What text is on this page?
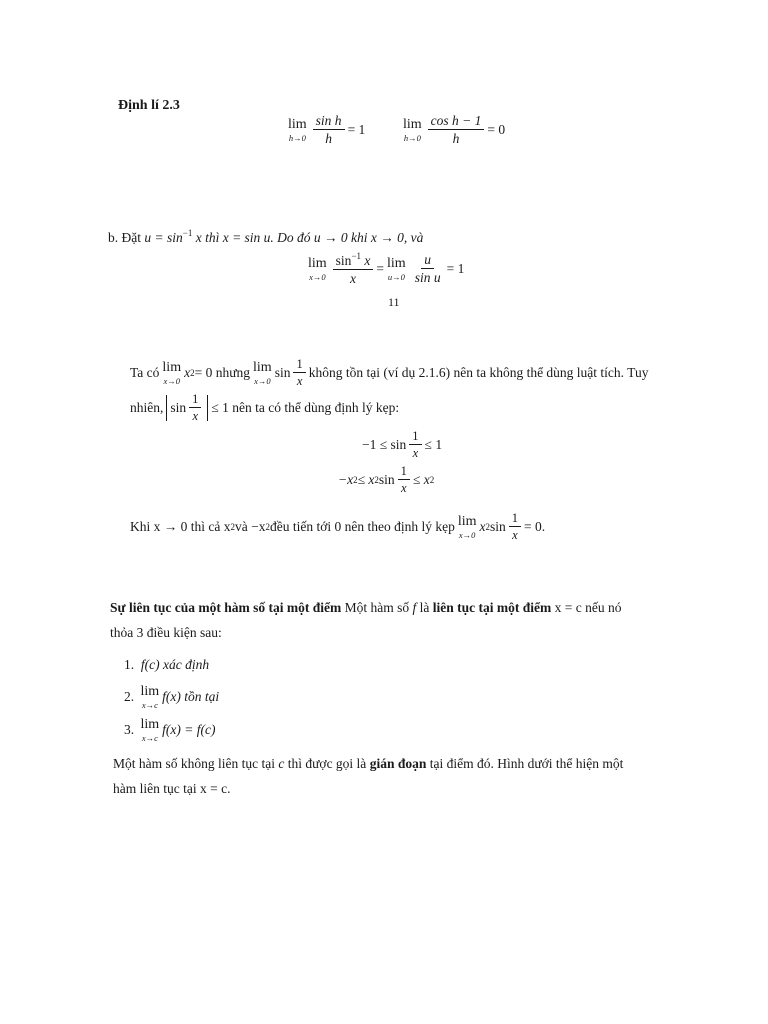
Định lí 2.3
lim
$h\to 0 \frac{\text{sin h}}{h} = 1$	lim
$h\to 0 \frac{\text{cos h − 1}}{h} = 0$
b. Đặt $u = \sin^{-1} x$ thì x = sin u. Do đó u → 0 khi x → 0, và
lim
$x\to 0 \frac{\sin^{-1} x}{x} = \lim$
$u\to 0 \frac{u}{\text{sin u}} = 1$
11
Ta có lim
x→0
x 2 = 0 nhưng lim
x→0
$\sin \frac{1}{x}$ không tồn tại (ví dụ 2.1.6) nên ta không thể dùng luật tích. Tuy
nhiên, $\sin \frac{1}{x} \le 1$ nên ta có thể dùng định lý kẹp:
$-1 \le \sin \frac{1}{x} \le 1$
−x 2 ≤ x 2 $\sin \frac{1}{x} \le x$ 2
Khi x → 0 thì cả x 2 và −x 2 đều tiến tới 0 nên theo định lý kẹp lim
x→0
x 2 $\sin \frac{1}{x} = 0$.
Sự liên tục của một hàm số tại một điểm Một hàm số f là liên tục tại một điểm x = c nếu nó
thỏa 3 điều kiện sau:
1. f(c) xác định
2.
lim
x→c
f(x) tồn tại
3.
lim
x→c
f(x) = f(c)
Một hàm số không liên tục tại c thì được gọi là gián đoạn tại điểm đó. Hình dưới thể hiện một
hàm liên tục tại x = c.
